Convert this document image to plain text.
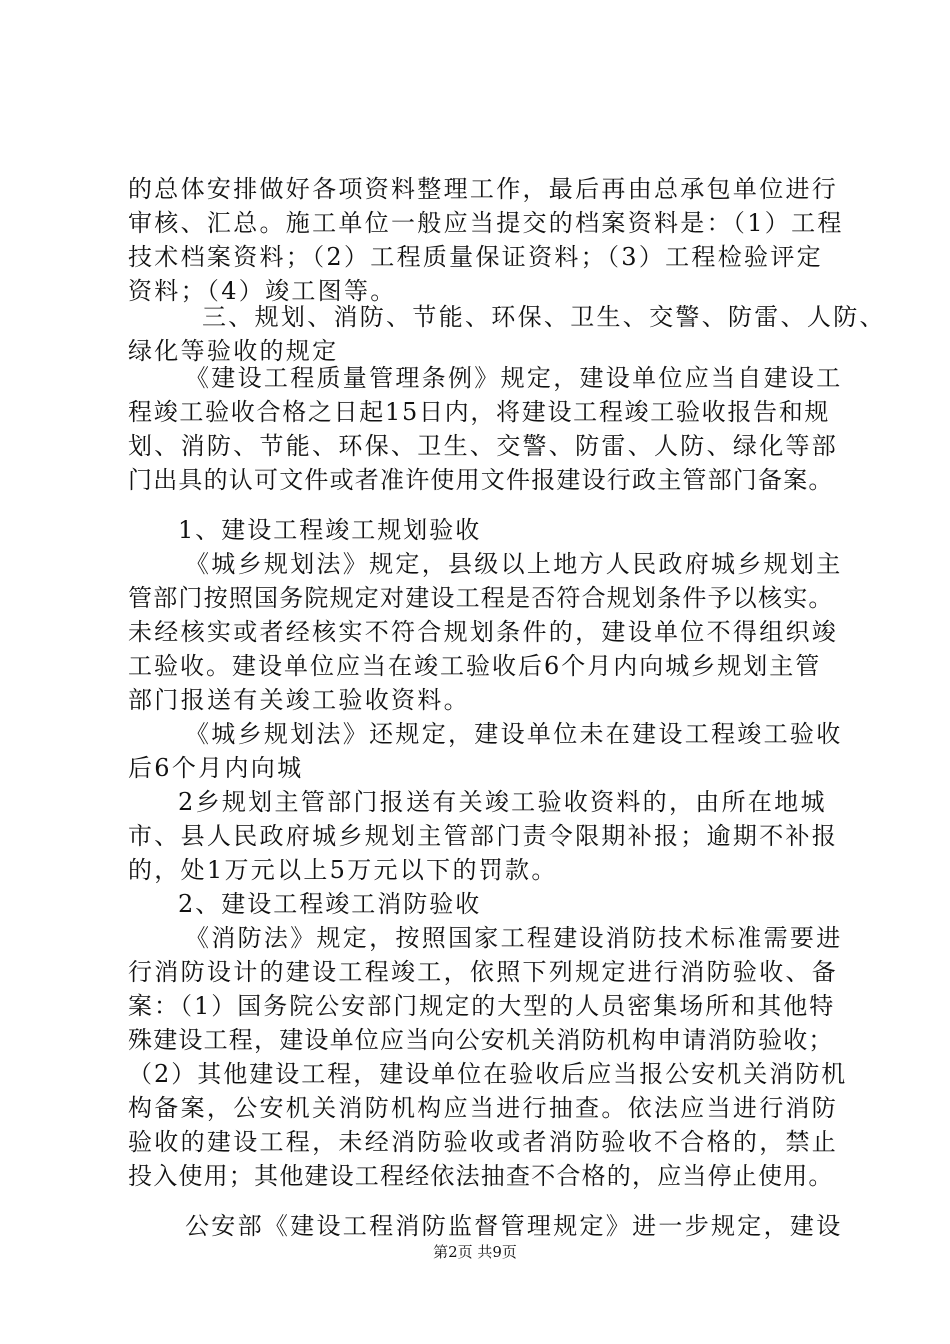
的总体安排做好各项资料整理工作，最后再由总承包单位进行
审核、汇总。施工单位一般应当提交的档案资料是：（1）工程
技术档案资料；（2）工程质量保证资料；（3）工程检验评定
资料；（4）竣工图等。
三、规划、消防、节能、环保、卫生、交警、防雷、人防、
绿化等验收的规定
《建设工程质量管理条例》规定，建设单位应当自建设工
程竣工验收合格之日起15日内，将建设工程竣工验收报告和规
划、消防、节能、环保、卫生、交警、防雷、人防、绿化等部
门出具的认可文件或者准许使用文件报建设行政主管部门备案。
1、建设工程竣工规划验收
《城乡规划法》规定，县级以上地方人民政府城乡规划主
管部门按照国务院规定对建设工程是否符合规划条件予以核实。
未经核实或者经核实不符合规划条件的，建设单位不得组织竣
工验收。建设单位应当在竣工验收后6个月内向城乡规划主管
部门报送有关竣工验收资料。
《城乡规划法》还规定，建设单位未在建设工程竣工验收
后6个月内向城
2乡规划主管部门报送有关竣工验收资料的，由所在地城
市、县人民政府城乡规划主管部门责令限期补报；逾期不补报
的，处1万元以上5万元以下的罚款。
2、建设工程竣工消防验收
《消防法》规定，按照国家工程建设消防技术标准需要进
行消防设计的建设工程竣工，依照下列规定进行消防验收、备
案：（1）国务院公安部门规定的大型的人员密集场所和其他特
殊建设工程，建设单位应当向公安机关消防机构申请消防验收；
（2）其他建设工程，建设单位在验收后应当报公安机关消防机
构备案，公安机关消防机构应当进行抽查。依法应当进行消防
验收的建设工程，未经消防验收或者消防验收不合格的，禁止
投入使用；其他建设工程经依法抽查不合格的，应当停止使用。
公安部《建设工程消防监督管理规定》进一步规定，建设
第2页 共9页
